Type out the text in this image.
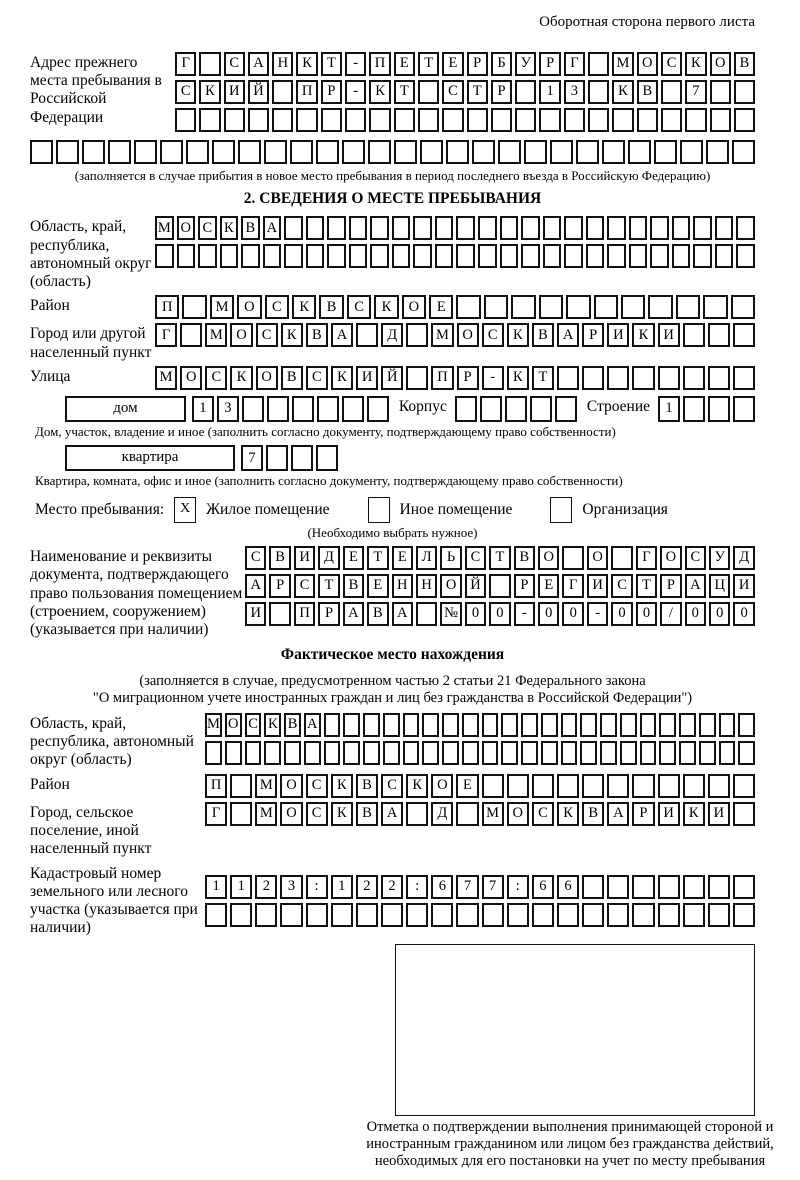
Оборотная сторона первого листа
Адрес прежнего места пребывания в Российской Федерации
Г	С А Н К	Т	-	П	Е	Т	Е	Р	Б	У	Р	Г	М О С	К О В
С	К И Й	П	Р	-	К	Т	С	Т	Р	1	3	К	В	7
(заполняется в случае прибытия в новое место пребывания в период последнего въезда в Российскую Федерацию)
2. СВЕДЕНИЯ О МЕСТЕ ПРЕБЫВАНИЯ
Область, край, республика, автономный округ (область)
М О С К В А
Район	П	М	О	С	К	В	С	К	О	Е
Город или другой населенный пункт
Г	М О	С	К	В	А	Д	М О	С	К	В	А	Р	И	К	И
Улица	М О	С	К	О	В	С	К	И	Й	П	Р	-	К	Т
дом	1	3	Корпус	Строение	1
Дом, участок, владение и иное (заполнить согласно документу, подтверждающему право собственности)
квартира	7
Квартира, комната, офис и иное (заполнить согласно документу, подтверждающему право собственности)
Место пребывания:	X	Жилое помещение	Иное помещение	Организация
(Необходимо выбрать нужное)
Наименование и реквизиты документа, подтверждающего право пользования помещением (строением, сооружением) (указывается при наличии)
С	В И Д	Е	Т	Е	Л	Ь	С	Т	В О	О	Г	О С У Д
А	Р	С	Т	В	Е	Н Н О Й	Р	Е	Г	И С	Т	Р	А Ц И
И	П	Р	А В А	№ 0	0	-	0	0	-	0	0	/	0	0	0
Фактическое место нахождения
(заполняется в случае, предусмотренном частью 2 статьи 21 Федерального закона
"О миграционном учете иностранных граждан и лиц без гражданства в Российской Федерации")
Область, край, республика, автономный округ (область)
М О С К В А
Район	П	М О	С	К	В	С	К	О	Е
Город, сельское поселение, иной населенный пункт
Г	М О	С	К	В	А	Д	М О	С	К	В	А	Р	И	К	И
Кадастровый номер земельного или лесного участка (указывается при наличии)
1	1	2	3	:	1	2	2	:	6	7	7	:	6	6
Отметка о подтверждении выполнения принимающей стороной и иностранным гражданином или лицом без гражданства действий, необходимых для его постановки на учет по месту пребывания
